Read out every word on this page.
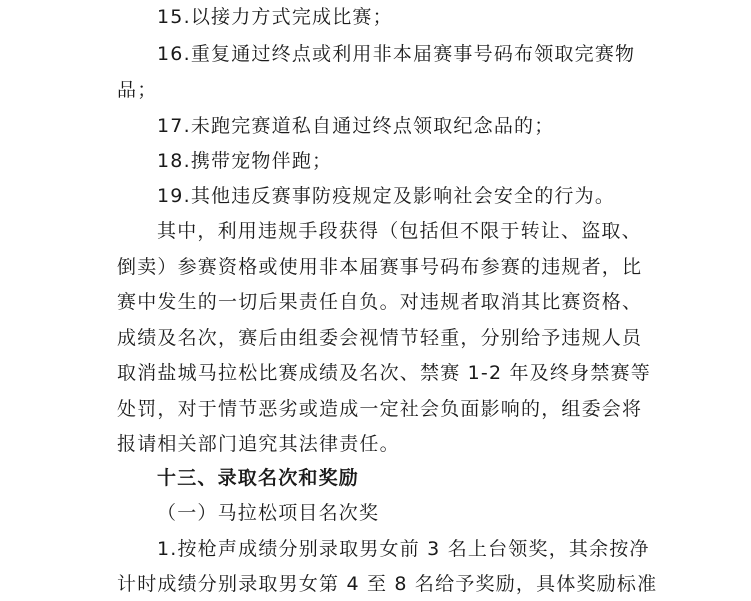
15.以接力方式完成比赛；
16.重复通过终点或利用非本届赛事号码布领取完赛物
品；
17.未跑完赛道私自通过终点领取纪念品的；
18.携带宠物伴跑；
19.其他违反赛事防疫规定及影响社会安全的行为。
其中，利用违规手段获得（包括但不限于转让、盗取、
倒卖）参赛资格或使用非本届赛事号码布参赛的违规者，比
赛中发生的一切后果责任自负。对违规者取消其比赛资格、
成绩及名次，赛后由组委会视情节轻重，分别给予违规人员
取消盐城马拉松比赛成绩及名次、禁赛 1-2 年及终身禁赛等
处罚，对于情节恶劣或造成一定社会负面影响的，组委会将
报请相关部门追究其法律责任。
十三、录取名次和奖励
（一）马拉松项目名次奖
1.按枪声成绩分别录取男女前 3 名上台领奖，其余按净
计时成绩分别录取男女第 4 至 8 名给予奖励，具体奖励标准
